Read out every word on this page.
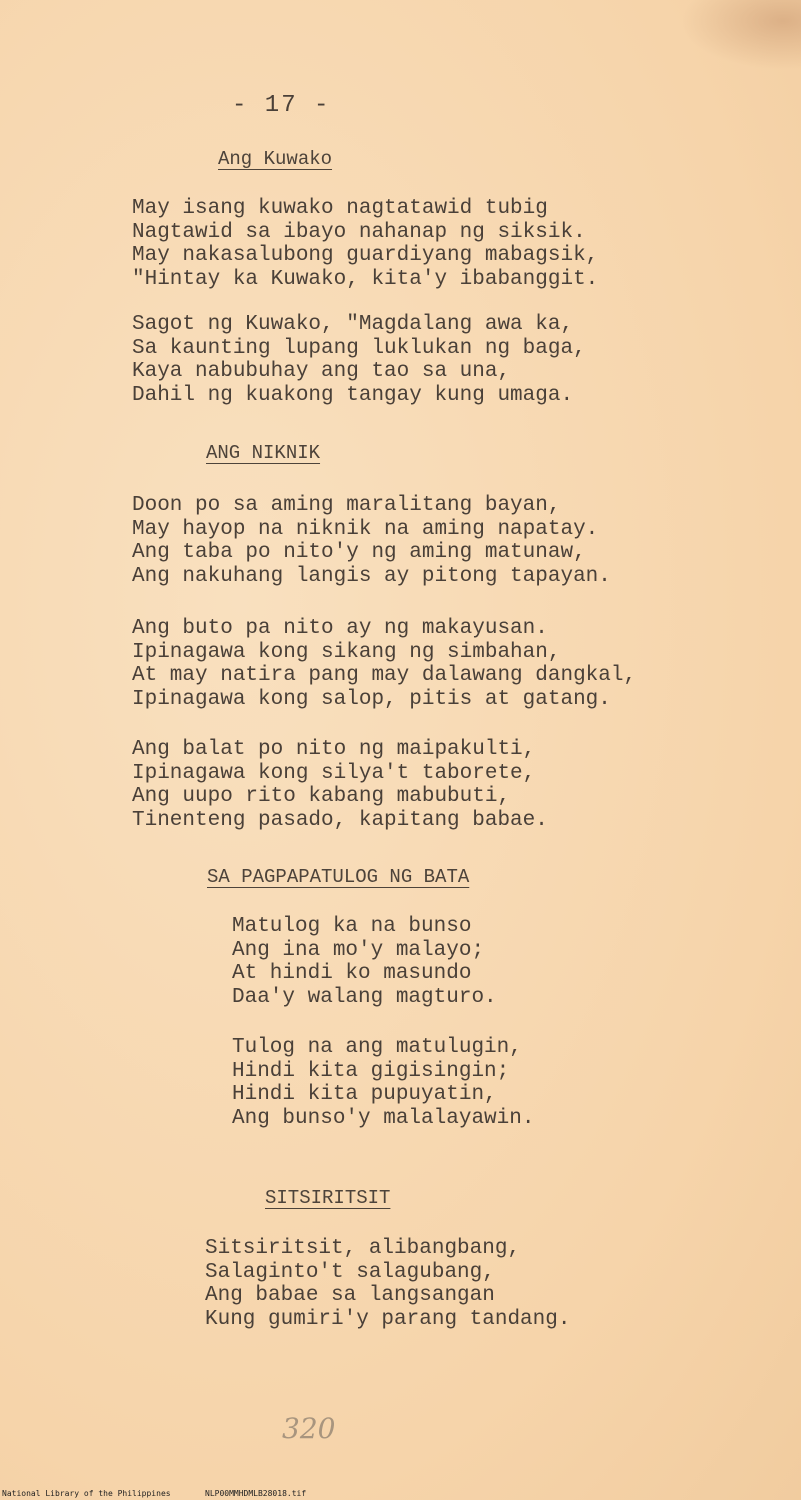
- 17 -
Ang Kuwako
May isang kuwako nagtatawid tubig
Nagtawid sa ibayo nahanap ng siksik.
May nakasalubong guardiyang mabagsik,
"Hintay ka Kuwako, kita'y ibabanggit.
Sagot ng Kuwako, "Magdalang awa ka,
Sa kaunting lupang luklukan ng baga,
Kaya nabubuhay ang tao sa una,
Dahil ng kuakong tangay kung umaga.
ANG NIKNIK
Doon po sa aming maralitang bayan,
May hayop na niknik na aming napatay.
Ang taba po nito'y ng aming matunaw,
Ang nakuhang langis ay pitong tapayan.
Ang buto pa nito ay ng makayusan.
Ipinagawa kong sikang ng simbahan,
At may natira pang may dalawang dangkal,
Ipinagawa kong salop, pitis at gatang.
Ang balat po nito ng maipakulti,
Ipinagawa kong silya't taborete,
Ang uupo rito kabang mabubuti,
Tinenteng pasado, kapitang babae.
SA PAGPAPATULOG NG BATA
Matulog ka na bunso
Ang ina mo'y malayo;
At hindi ko masundo
Daa'y walang magturo.
Tulog na ang matulugin,
Hindi kita gigisingin;
Hindi kita pupuyatin,
Ang bunso'y malalayawin.
SITSIRITSIT
Sitsiritsit, alibangbang,
Salaginto't salagubang,
Ang babae sa langsangan
Kung gumiri'y parang tandang.
320
National Library of the Philippines	NLP00MMHDMLB28018.tif
